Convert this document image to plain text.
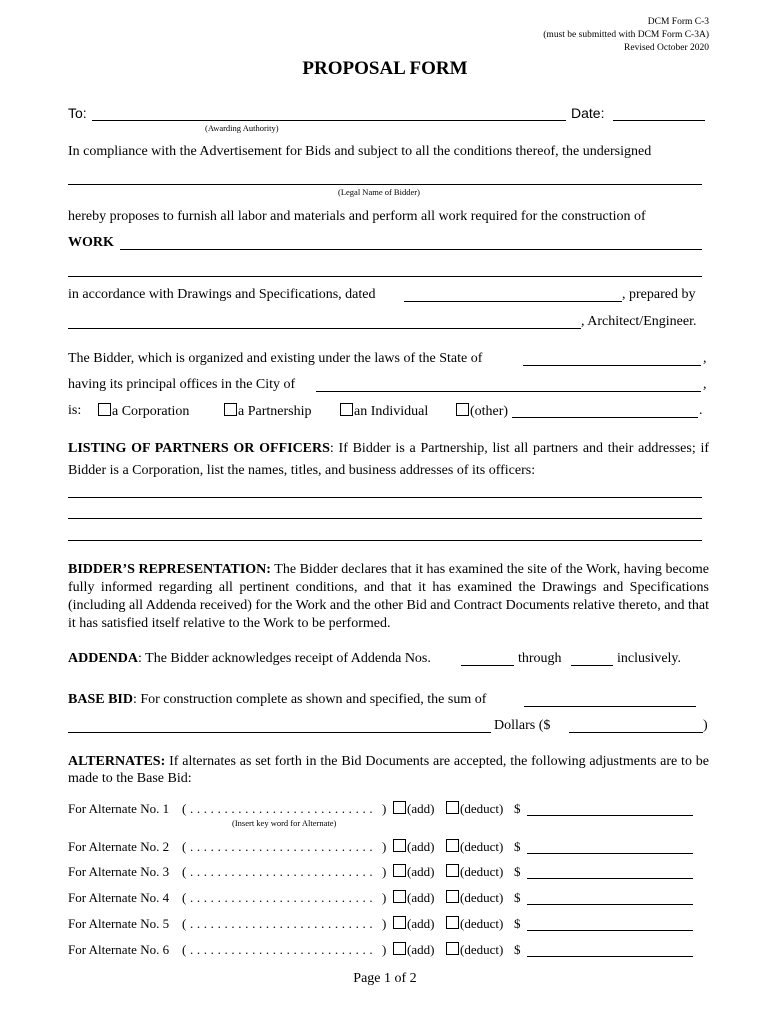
DCM Form C-3
(must be submitted with DCM Form C-3A)
Revised October 2020
PROPOSAL FORM
To:	Date:
(Awarding Authority)
In compliance with the Advertisement for Bids and subject to all the conditions thereof, the undersigned
(Legal Name of Bidder)
hereby proposes to furnish all labor and materials and perform all work required for the construction of
WORK
in accordance with Drawings and Specifications, dated	, prepared by
, Architect/Engineer.
The Bidder, which is organized and existing under the laws of the State of	,
having its principal offices in the City of	,
is:	a Corporation	a Partnership	an Individual	(other)	.
LISTING OF PARTNERS OR OFFICERS: If Bidder is a Partnership, list all partners and their addresses; if Bidder is a Corporation, list the names, titles, and business addresses of its officers:
BIDDER’S REPRESENTATION: The Bidder declares that it has examined the site of the Work, having become fully informed regarding all pertinent conditions, and that it has examined the Drawings and Specifications (including all Addenda received) for the Work and the other Bid and Contract Documents relative thereto, and that it has satisfied itself relative to the Work to be performed.
ADDENDA: The Bidder acknowledges receipt of Addenda Nos.	through	inclusively.
BASE BID: For construction complete as shown and specified, the sum of
Dollars ($	)
ALTERNATES: If alternates as set forth in the Bid Documents are accepted, the following adjustments are to be made to the Base Bid:
For Alternate No. 1 ( . . . . . . . . . . . . . . . . . . . . . . . . . . . )	(add)	(deduct) $
For Alternate No. 2 ( . . . . . . . . . . . . . . . . . . . . . . . . . . . )	(add)	(deduct) $
For Alternate No. 3 ( . . . . . . . . . . . . . . . . . . . . . . . . . . . )	(add)	(deduct) $
For Alternate No. 4 ( . . . . . . . . . . . . . . . . . . . . . . . . . . . )	(add)	(deduct) $
For Alternate No. 5 ( . . . . . . . . . . . . . . . . . . . . . . . . . . . )	(add)	(deduct) $
For Alternate No. 6 ( . . . . . . . . . . . . . . . . . . . . . . . . . . . )	(add)	(deduct) $
(Insert key word for Alternate)
Page 1 of 2
